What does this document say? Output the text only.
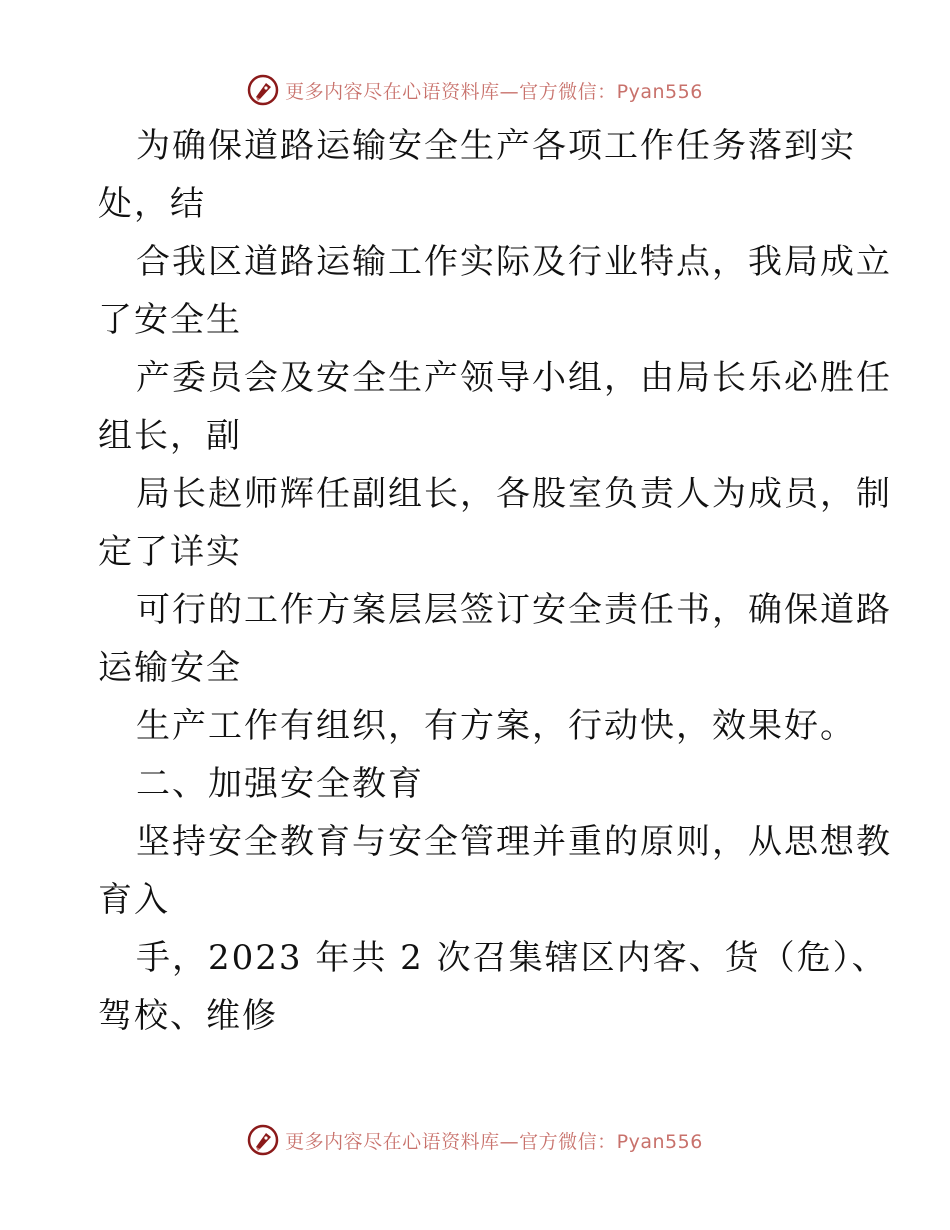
更多内容尽在心语资料库—官方微信：Pyan556
为确保道路运输安全生产各项工作任务落到实
处，结
合我区道路运输工作实际及行业特点，我局成立
了安全生
产委员会及安全生产领导小组，由局长乐必胜任
组长，副
局长赵师辉任副组长，各股室负责人为成员，制
定了详实
可行的工作方案层层签订安全责任书，确保道路
运输安全
生产工作有组织，有方案，行动快，效果好。
二、加强安全教育
坚持安全教育与安全管理并重的原则，从思想教
育入
手，2023 年共 2 次召集辖区内客、货（危）、
驾校、维修
更多内容尽在心语资料库—官方微信：Pyan556
